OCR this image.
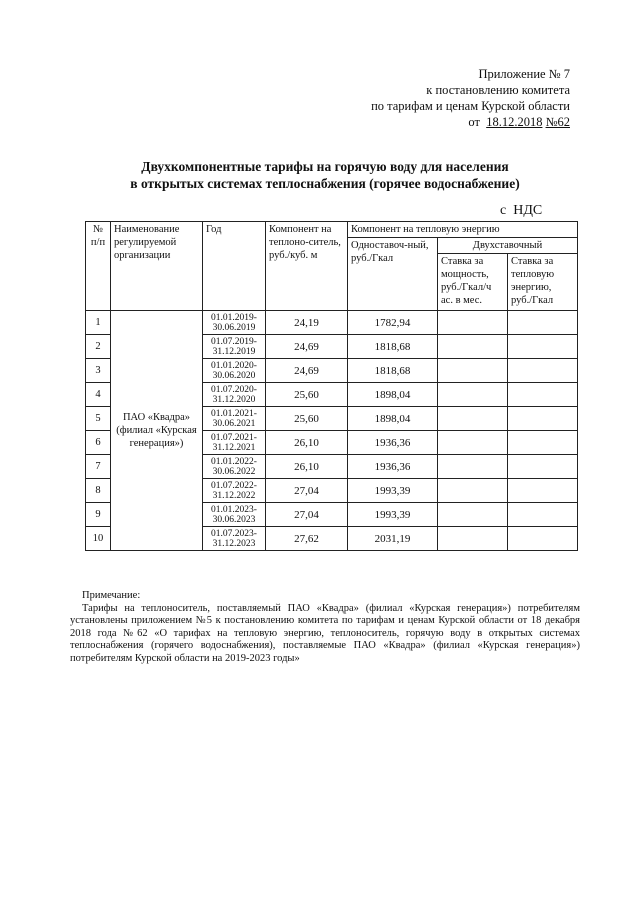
Приложение № 7
к постановлению комитета
по тарифам и ценам Курской области
от 18.12.2018 №62
Двухкомпонентные тарифы на горячую воду для населения
в открытых системах теплоснабжения (горячее водоснабжение)
с  НДС
№ п/п	Наименование регулируемой организации	Год	Компонент на теплоно-ситель, руб./куб. м	Компонент на тепловую энергию		
				Одноставоч-ный, руб./Гкал	Двухставочный	
					Ставка за мощность, руб./Гкал/ч ас. в мес.	Ставка за тепловую энергию, руб./Гкал
1	ПАО «Квадра» (филиал «Курская генерация»)	01.01.2019-30.06.2019	24,19	1782,94		
2		01.07.2019-31.12.2019	24,69	1818,68		
3		01.01.2020-30.06.2020	24,69	1818,68		
4		01.07.2020-31.12.2020	25,60	1898,04		
5		01.01.2021-30.06.2021	25,60	1898,04		
6		01.07.2021-31.12.2021	26,10	1936,36		
7		01.01.2022-30.06.2022	26,10	1936,36		
8		01.07.2022-31.12.2022	27,04	1993,39		
9		01.01.2023-30.06.2023	27,04	1993,39		
10		01.07.2023-31.12.2023	27,62	2031,19		
Примечание:
Тарифы на теплоноситель, поставляемый ПАО «Квадра» (филиал «Курская генерация») потребителям установлены приложением №5 к постановлению комитета по тарифам и ценам Курской области от 18 декабря 2018 года №62 «О тарифах на тепловую энергию, теплоноситель, горячую воду в открытых системах теплоснабжения (горячего водоснабжения), поставляемые ПАО «Квадра» (филиал «Курская генерация») потребителям Курской области на 2019-2023 годы»
